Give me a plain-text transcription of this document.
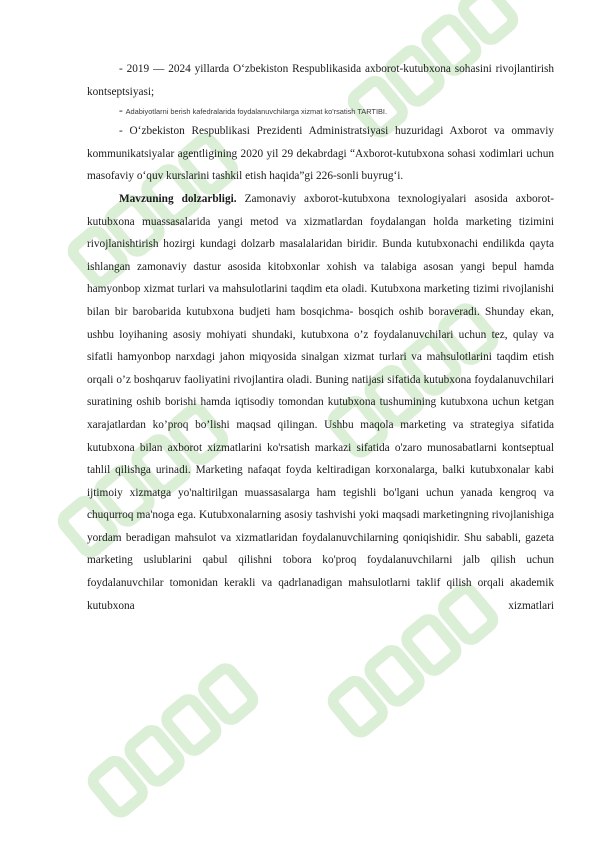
- 2019 — 2024 yillarda O‘zbekiston Respublikasida axborot-kutubxona sohasini rivojlantirish kontseptsiyasi;

- Adabiyotlarni berish kafedralarida foydalanuvchilarga xizmat ko'rsatish TARTIBI.

- O‘zbekiston Respublikasi Prezidenti Administratsiyasi huzuridagi Axborot va ommaviy kommunikatsiyalar agentligining 2020 yil 29 dekabrdagi “Axborot-kutubxona sohasi xodimlari uchun masofaviy o‘quv kurslarini tashkil etish haqida”gi 226-sonli buyrug‘i.

Mavzuning dolzarbligi. Zamonaviy axborot-kutubxona texnologiyalari asosida axborot-kutubxona muassasalarida yangi metod va xizmatlardan foydalangan holda marketing tizimini rivojlanishtirish hozirgi kundagi dolzarb masalalaridan biridir. Bunda kutubxonachi endilikda qayta ishlangan zamonaviy dastur asosida kitobxonlar xohish va talabiga asosan yangi bepul hamda hamyonbop xizmat turlari va mahsulotlarini taqdim eta oladi. Kutubxona marketing tizimi rivojlanishi bilan bir barobarida kutubxona budjeti ham bosqichma- bosqich oshib boraveradi. Shunday ekan, ushbu loyihaning asosiy mohiyati shundaki, kutubxona o’z foydalanuvchilari uchun tez, qulay va sifatli hamyonbop narxdagi jahon miqyosida sinalgan xizmat turlari va mahsulotlarini taqdim etish orqali o’z boshqaruv faoliyatini rivojlantira oladi. Buning natijasi sifatida kutubxona foydalanuvchilari suratining oshib borishi hamda iqtisodiy tomondan kutubxona tushumining kutubxona uchun ketgan xarajatlardan ko’proq bo’lishi maqsad qilingan. Ushbu maqola marketing va strategiya sifatida kutubxona bilan axborot xizmatlarini ko'rsatish markazi sifatida o'zaro munosabatlarni kontseptual tahlil qilishga urinadi. Marketing nafaqat foyda keltiradigan korxonalarga, balki kutubxonalar kabi ijtimoiy xizmatga yo'naltirilgan muassasalarga ham tegishli bo'lgani uchun yanada kengroq va chuqurroq ma'noga ega. Kutubxonalarning asosiy tashvishi yoki maqsadi marketingning rivojlanishiga yordam beradigan mahsulot va xizmatlaridan foydalanuvchilarning qoniqishidir. Shu sababli, gazeta marketing uslublarini qabul qilishni tobora ko'proq foydalanuvchilarni jalb qilish uchun foydalanuvchilar tomonidan kerakli va qadrlanadigan mahsulotlarni taklif qilish orqali akademik kutubxona xizmatlari
